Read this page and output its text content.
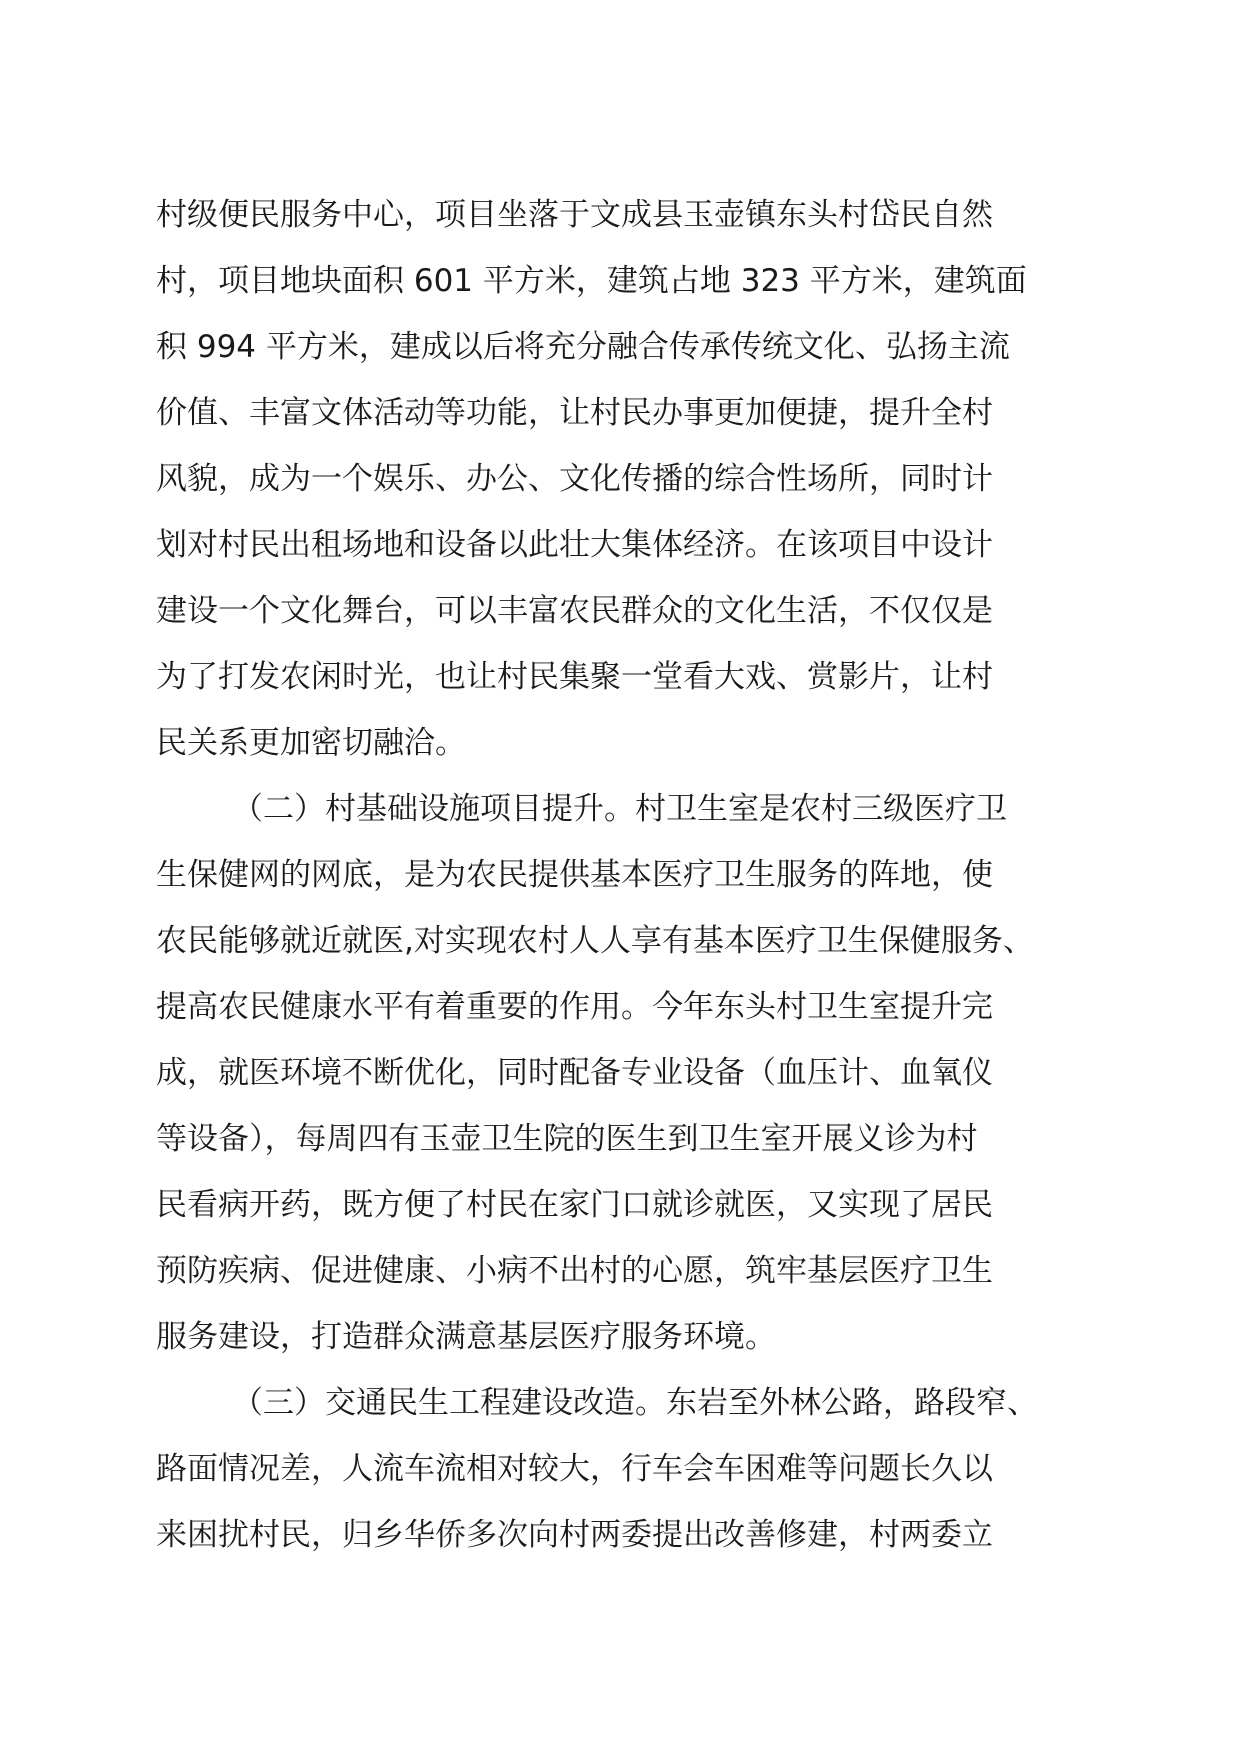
村级便民服务中心，项目坐落于文成县玉壶镇东头村岱民自然
村，项目地块面积 601 平方米，建筑占地 323 平方米，建筑面
积 994 平方米，建成以后将充分融合传承传统文化、弘扬主流
价值、丰富文体活动等功能，让村民办事更加便捷，提升全村
风貌，成为一个娱乐、办公、文化传播的综合性场所，同时计
划对村民出租场地和设备以此壮大集体经济。在该项目中设计
建设一个文化舞台，可以丰富农民群众的文化生活，不仅仅是
为了打发农闲时光，也让村民集聚一堂看大戏、赏影片，让村
民关系更加密切融洽。
（二）村基础设施项目提升。村卫生室是农村三级医疗卫
生保健网的网底，是为农民提供基本医疗卫生服务的阵地，使
农民能够就近就医,对实现农村人人享有基本医疗卫生保健服务、
提高农民健康水平有着重要的作用。今年东头村卫生室提升完
成，就医环境不断优化，同时配备专业设备（血压计、血氧仪
等设备），每周四有玉壶卫生院的医生到卫生室开展义诊为村
民看病开药，既方便了村民在家门口就诊就医，又实现了居民
预防疾病、促进健康、小病不出村的心愿，筑牢基层医疗卫生
服务建设，打造群众满意基层医疗服务环境。
（三）交通民生工程建设改造。东岩至外林公路，路段窄、
路面情况差，人流车流相对较大，行车会车困难等问题长久以
来困扰村民，归乡华侨多次向村两委提出改善修建，村两委立
